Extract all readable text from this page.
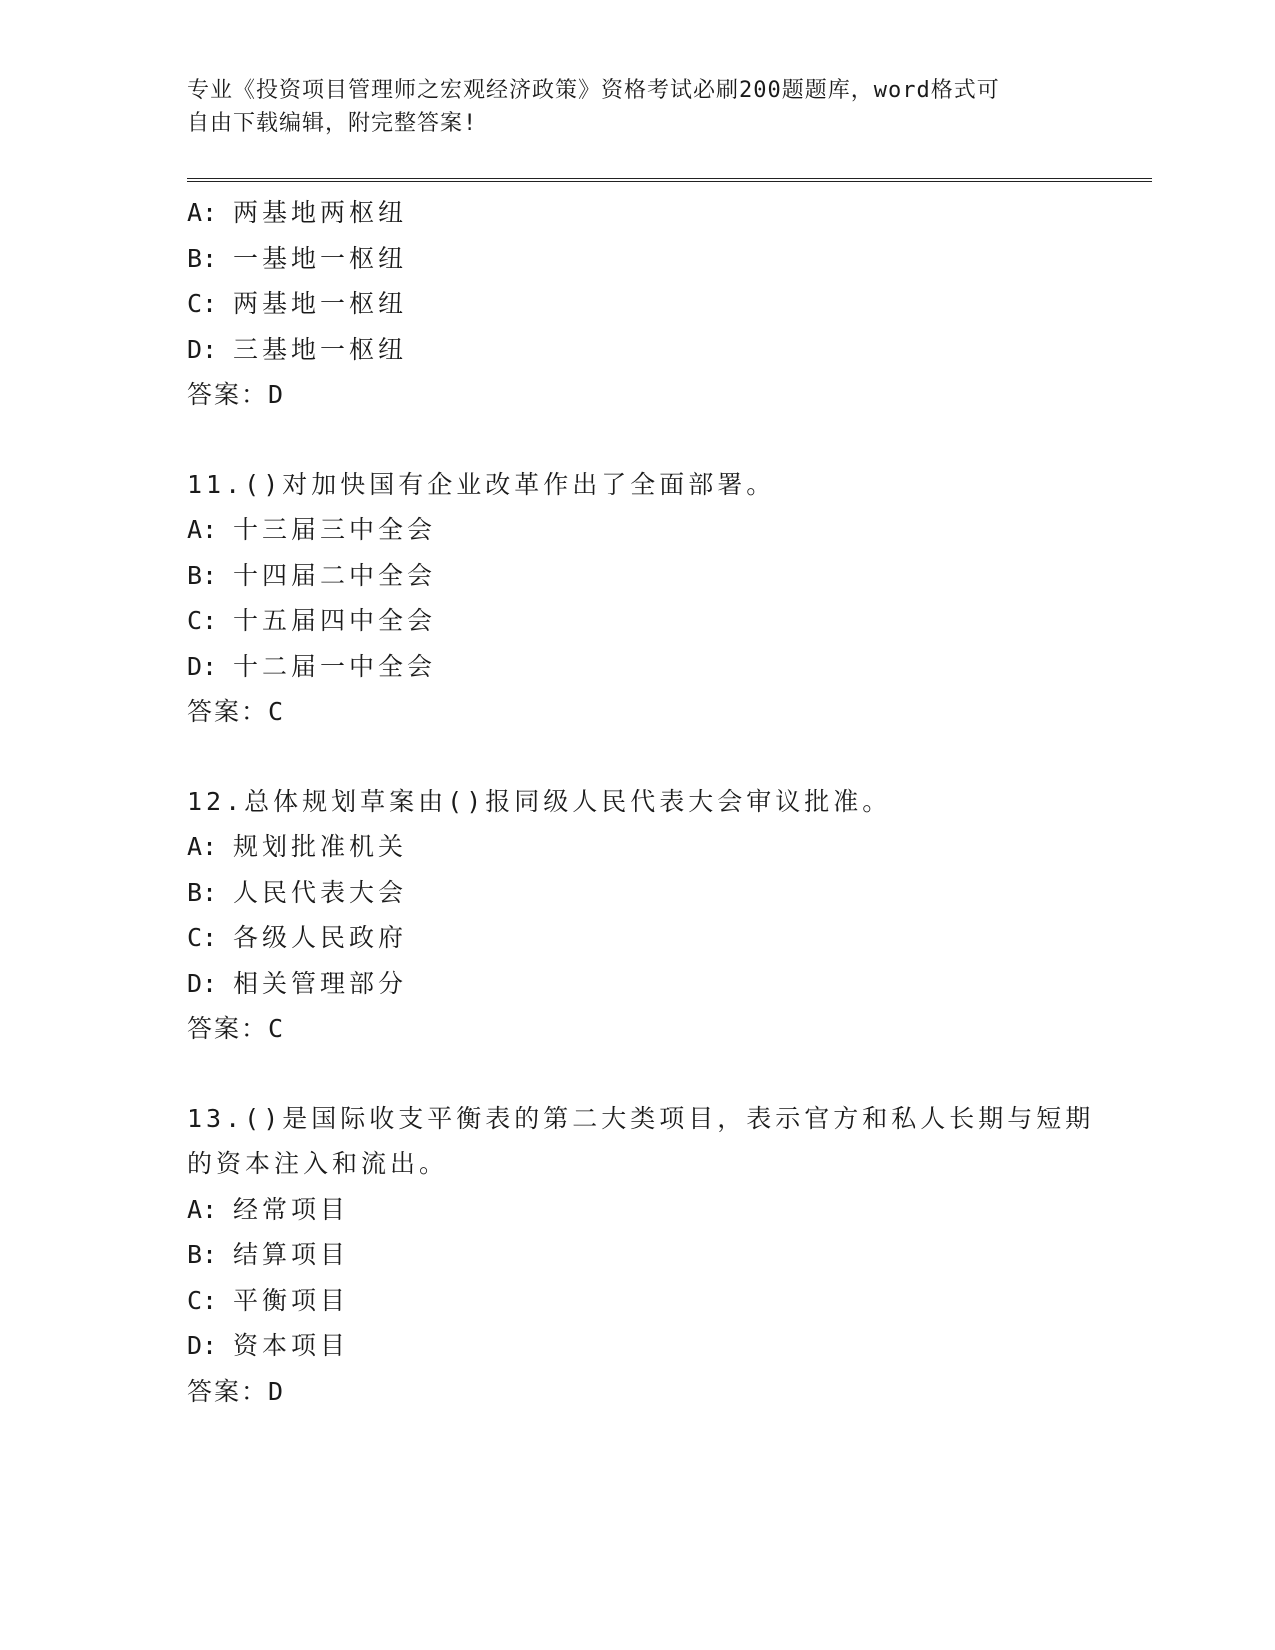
专业《投资项目管理师之宏观经济政策》资格考试必刷200题题库，word格式可
自由下载编辑，附完整答案!
A: 两基地两枢纽
B: 一基地一枢纽
C: 两基地一枢纽
D: 三基地一枢纽
答案：D
11.()对加快国有企业改革作出了全面部署。
A: 十三届三中全会
B: 十四届二中全会
C: 十五届四中全会
D: 十二届一中全会
答案：C
12.总体规划草案由()报同级人民代表大会审议批准。
A: 规划批准机关
B: 人民代表大会
C: 各级人民政府
D: 相关管理部分
答案：C
13.()是国际收支平衡表的第二大类项目，表示官方和私人长期与短期
的资本注入和流出。
A: 经常项目
B: 结算项目
C: 平衡项目
D: 资本项目
答案：D
